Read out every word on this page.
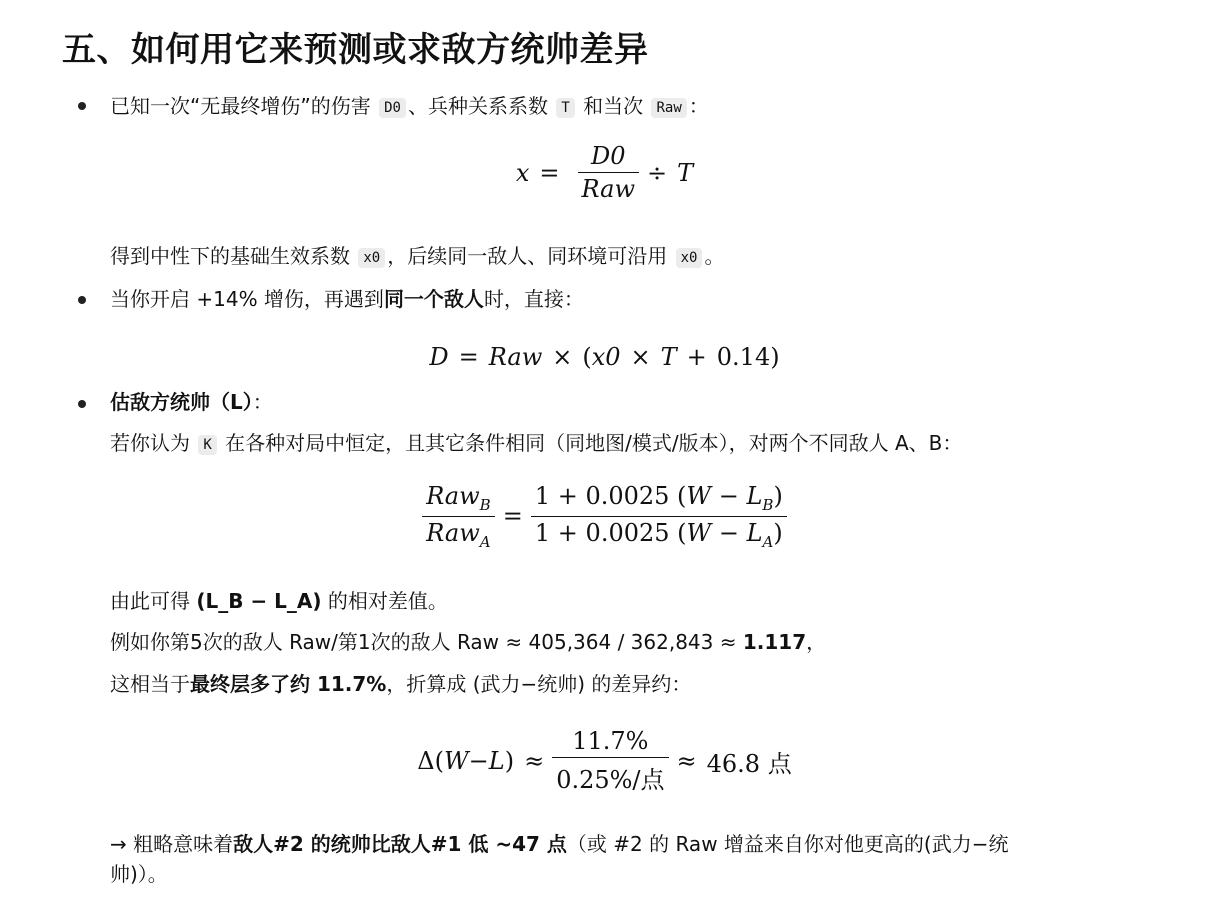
五、如何用它来预测或求敌方统帅差异
已知一次“无最终增伤”的伤害 D0 、兵种关系系数 T 和当次 Raw ：
$x = \frac{D0}{\text{Raw}} \div T$
得到中性下的基础生效系数 x0 ，后续同一敌人、同环境可沿用 x0 。
当你开启 +14% 增伤，再遇到同一个敌人时，直接：
D = Raw × ( x0 × T + 0.14 )
估敌方统帅（L）：
若你认为 K 在各种对局中恒定，且其它条件相同（同地图/模式/版本），对两个不同敌人 A、B：
$\frac{Raw_B}{Raw_A} = \frac{1 + 0.0025 (W - L_B)}{1 + 0.0025 (W - L_A)}$
由此可得 (L_B − L_A) 的相对差值。
例如你第5次的敌人 Raw/第1次的敌人 Raw ≈ 405,364 / 362,843 ≈ 1.117，
这相当于最终层多了约 11.7%，折算成 (武力−统帅) 的差异约：
Δ( W − L ) ≈ $\frac{11.7\%}{\text{0.25\%/点}} \approx 46.8$ 点
→ 粗略意味着敌人#2 的统帅比敌人#1 低 ~47 点（或 #2 的 Raw 增益来自你对他更高的(武力−统
帅)）。
